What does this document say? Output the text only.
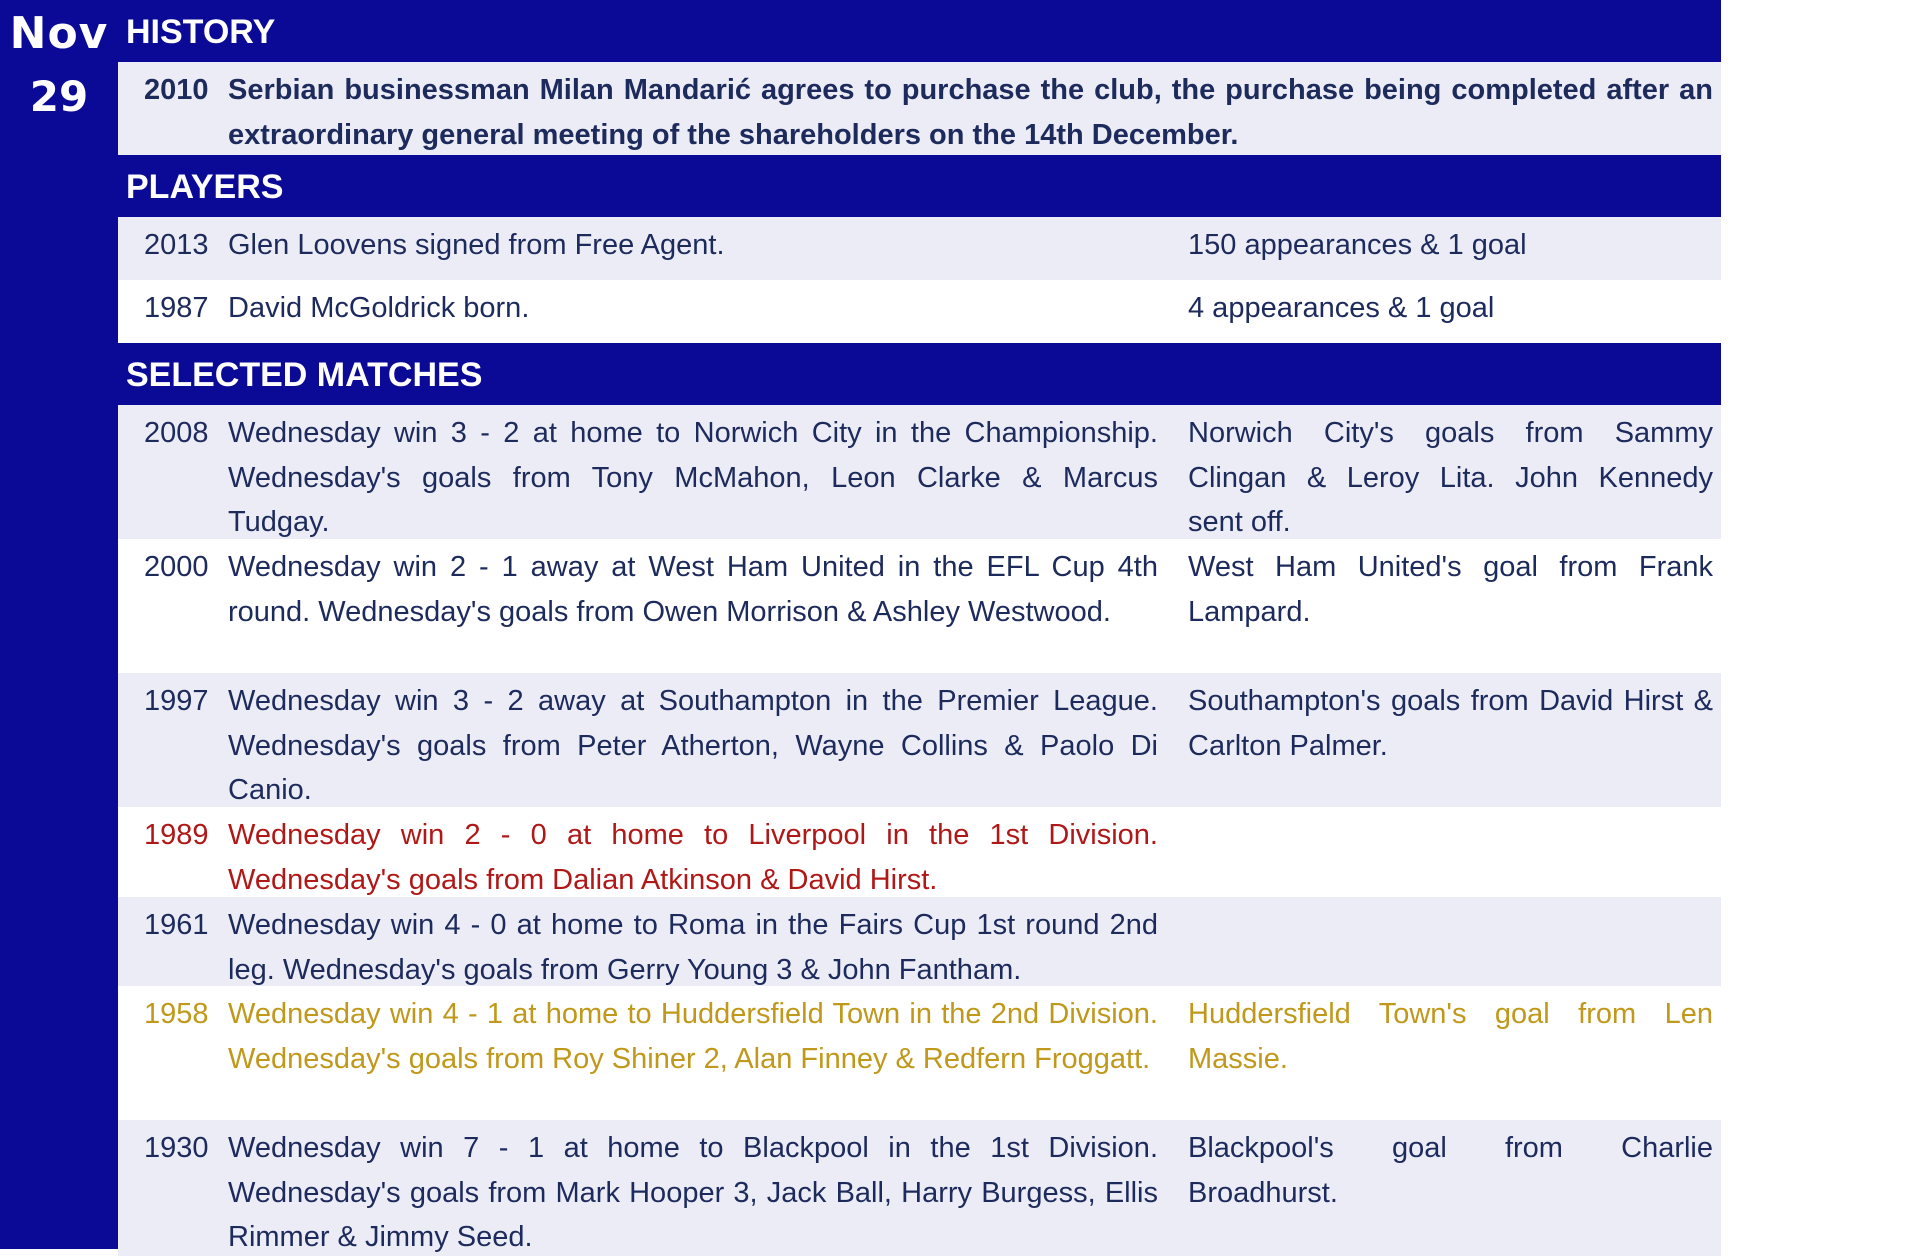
Nov
29
HISTORY
2010 Serbian businessman Milan Mandarić agrees to purchase the club, the purchase being completed after an extraordinary general meeting of the shareholders on the 14th December.
PLAYERS
2013 Glen Loovens signed from Free Agent.	150 appearances & 1 goal
1987 David McGoldrick born.	4 appearances & 1 goal
SELECTED MATCHES
2008 Wednesday win 3 - 2 at home to Norwich City in the Championship. Wednesday's goals from Tony McMahon, Leon Clarke & Marcus Tudgay.
Norwich City's goals from Sammy Clingan & Leroy Lita. John Kennedy sent off.
2000 Wednesday win 2 - 1 away at West Ham United in the EFL Cup 4th round. Wednesday's goals from Owen Morrison & Ashley Westwood.
West Ham United's goal from Frank Lampard.
1997 Wednesday win 3 - 2 away at Southampton in the Premier League. Wednesday's goals from Peter Atherton, Wayne Collins & Paolo Di Canio.
Southampton's goals from David Hirst & Carlton Palmer.
1989 Wednesday win 2 - 0 at home to Liverpool in the 1st Division. Wednesday's goals from Dalian Atkinson & David Hirst.
1961 Wednesday win 4 - 0 at home to Roma in the Fairs Cup 1st round 2nd leg. Wednesday's goals from Gerry Young 3 & John Fantham.
1958 Wednesday win 4 - 1 at home to Huddersfield Town in the 2nd Division. Wednesday's goals from Roy Shiner 2, Alan Finney & Redfern Froggatt.
Huddersfield Town's goal from Len Massie.
1930 Wednesday win 7 - 1 at home to Blackpool in the 1st Division. Wednesday's goals from Mark Hooper 3, Jack Ball, Harry Burgess, Ellis Rimmer & Jimmy Seed.
Blackpool's goal from Charlie Broadhurst.
